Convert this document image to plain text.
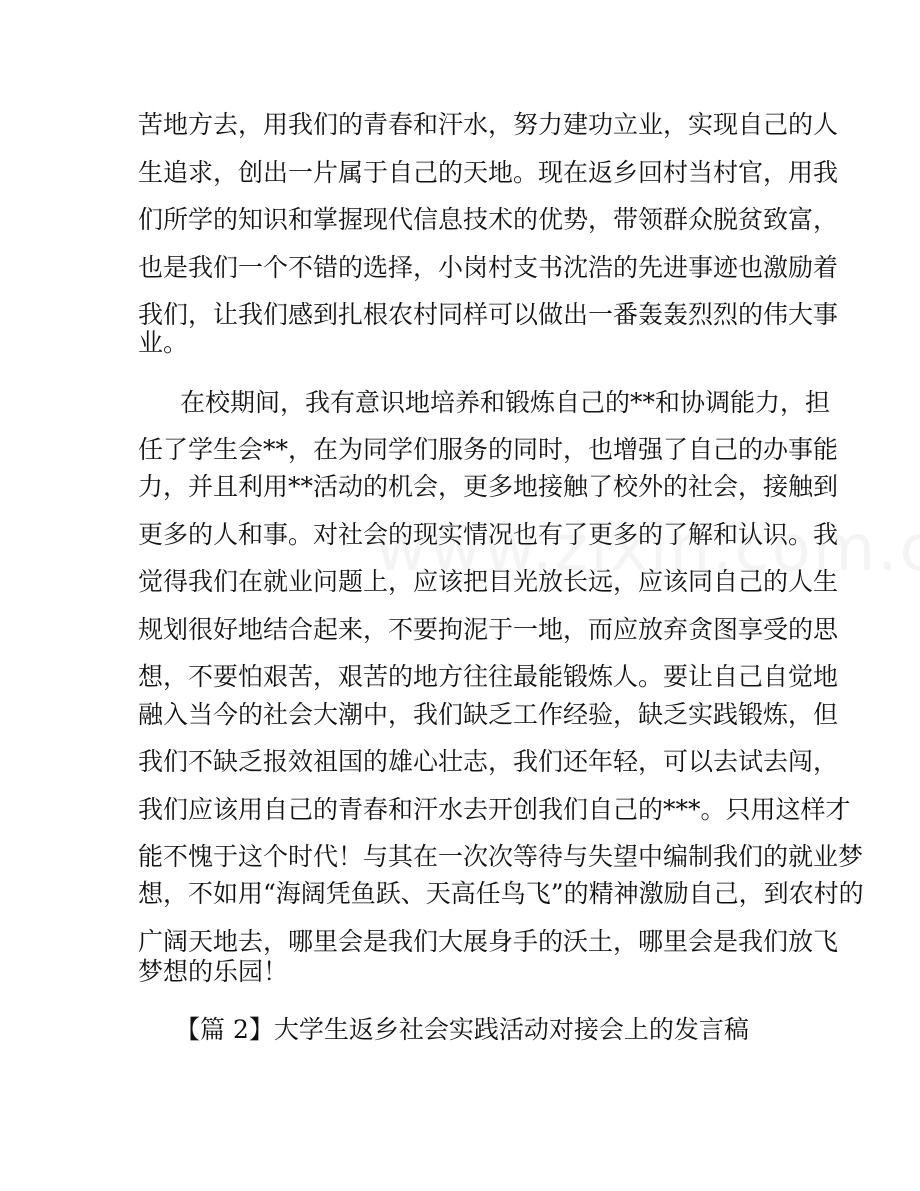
苦地方去，用我们的青春和汗水，努力建功立业，实现自己的人
生追求，创出一片属于自己的天地。现在返乡回村当村官，用我
们所学的知识和掌握现代信息技术的优势，带领群众脱贫致富，
也是我们一个不错的选择，小岗村支书沈浩的先进事迹也激励着
我们，让我们感到扎根农村同样可以做出一番轰轰烈烈的伟大事
业。
在校期间，我有意识地培养和锻炼自己的**和协调能力，担
任了学生会**，在为同学们服务的同时，也增强了自己的办事能
力，并且利用**活动的机会，更多地接触了校外的社会，接触到
更多的人和事。对社会的现实情况也有了更多的了解和认识。我
觉得我们在就业问题上，应该把目光放长远，应该同自己的人生
规划很好地结合起来，不要拘泥于一地，而应放弃贪图享受的思
想，不要怕艰苦，艰苦的地方往往最能锻炼人。要让自己自觉地
融入当今的社会大潮中，我们缺乏工作经验，缺乏实践锻炼，但
我们不缺乏报效祖国的雄心壮志，我们还年轻，可以去试去闯，
我们应该用自己的青春和汗水去开创我们自己的***。只用这样才
能不愧于这个时代！与其在一次次等待与失望中编制我们的就业梦
想，不如用“海阔凭鱼跃、天高任鸟飞”的精神激励自己，到农村的
广阔天地去，哪里会是我们大展身手的沃土，哪里会是我们放飞
梦想的乐园！
【篇 2】大学生返乡社会实践活动对接会上的发言稿
